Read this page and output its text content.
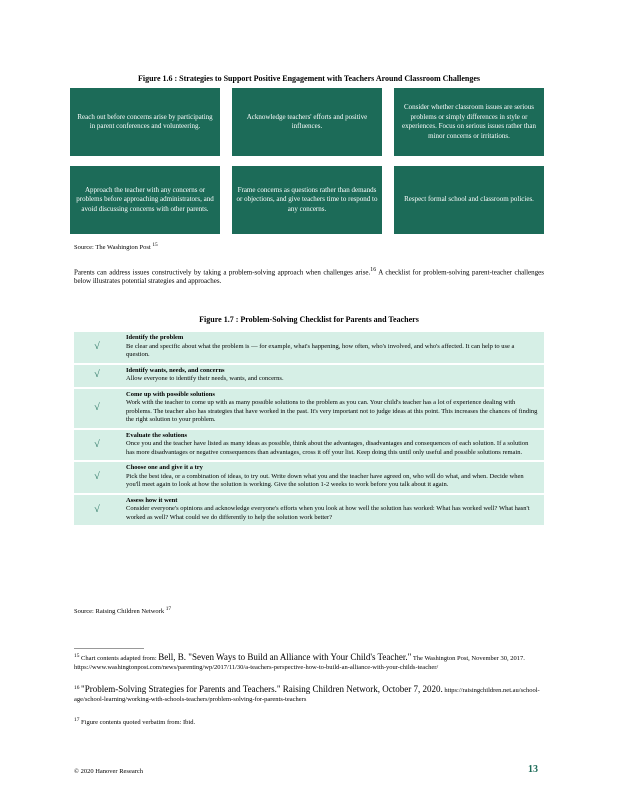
Figure 1.6 : Strategies to Support Positive Engagement with Teachers Around Classroom Challenges
Reach out before concerns arise by participating in parent conferences and volunteering.
Acknowledge teachers' efforts and positive influences.
Consider whether classroom issues are serious problems or simply differences in style or experiences. Focus on serious issues rather than minor concerns or irritations.
Approach the teacher with any concerns or problems before approaching administrators, and avoid discussing concerns with other parents.
Frame concerns as questions rather than demands or objections, and give teachers time to respond to any concerns.
Respect formal school and classroom policies.
Source: The Washington Post $^{15}$
Parents can address issues constructively by taking a problem-solving approach when challenges arise.$^{16}$ A checklist for problem-solving parent-teacher challenges below illustrates potential strategies and approaches.
Figure 1.7 : Problem-Solving Checklist for Parents and Teachers
√	Identify the problem
Be clear and specific about what the problem is — for example, what's happening, how often, who's involved, and who's affected. It can help to use a question.
√	Identify wants, needs, and concerns
Allow everyone to identify their needs, wants, and concerns.
√	Come up with possible solutions
Work with the teacher to come up with as many possible solutions to the problem as you can. Your child's teacher has a lot of experience dealing with problems. The teacher also has strategies that have worked in the past. It's very important not to judge ideas at this point. This increases the chances of finding the right solution to your problem.
√	Evaluate the solutions
Once you and the teacher have listed as many ideas as possible, think about the advantages, disadvantages and consequences of each solution. If a solution has more disadvantages or negative consequences than advantages, cross it off your list. Keep doing this until only useful and possible solutions remain.
√	Choose one and give it a try
Pick the best idea, or a combination of ideas, to try out. Write down what you and the teacher have agreed on, who will do what, and when. Decide when you'll meet again to look at how the solution is working. Give the solution 1-2 weeks to work before you talk about it again.
√	Assess how it went
Consider everyone's opinions and acknowledge everyone's efforts when you look at how well the solution has worked: What has worked well? What hasn't worked as well? What could we do differently to help the solution work better?
Source: Raising Children Network $^{17}$
$^{15}$ Chart contents adapted from: Bell, B. "Seven Ways to Build an Alliance with Your Child's Teacher." The Washington Post, November 30, 2017. https://www.washingtonpost.com/news/parenting/wp/2017/11/30/a-teachers-perspective-how-to-build-an-alliance-with-your-childs-teacher/
$^{16}$ "Problem-Solving Strategies for Parents and Teachers." Raising Children Network, October 7, 2020. https://raisingchildren.net.au/school-age/school-learning/working-with-schools-teachers/problem-solving-for-parents-teachers
$^{17}$ Figure contents quoted verbatim from: Ibid.
© 2020 Hanover Research	13
